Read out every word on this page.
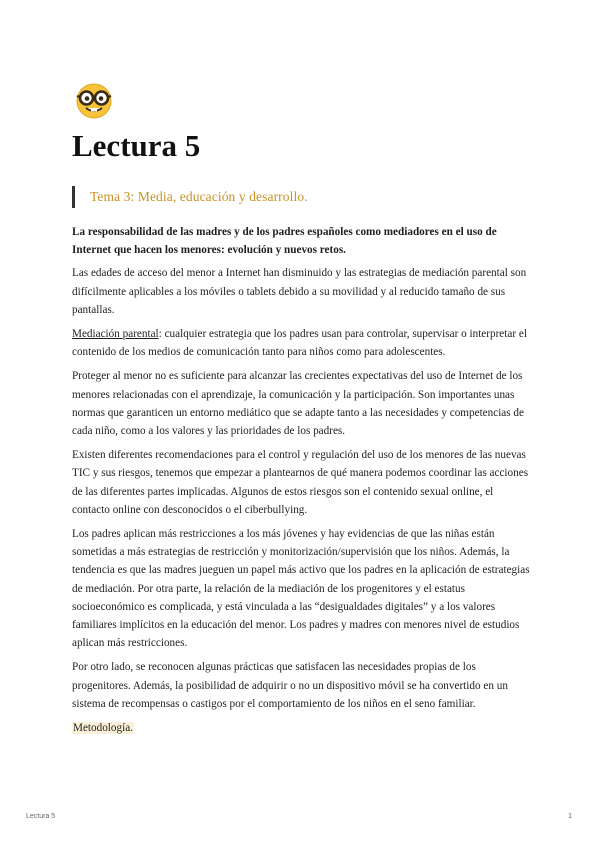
Lectura 5
Tema 3: Media, educación y desarrollo.

La responsabilidad de las madres y de los padres españoles como mediadores en el uso de Internet que hacen los menores: evolución y nuevos retos.

Las edades de acceso del menor a Internet han disminuido y las estrategias de mediación parental son difícilmente aplicables a los móviles o tablets debido a su movilidad y al reducido tamaño de sus pantallas.

Mediación parental: cualquier estrategia que los padres usan para controlar, supervisar o interpretar el contenido de los medios de comunicación tanto para niños como para adolescentes.

Proteger al menor no es suficiente para alcanzar las crecientes expectativas del uso de Internet de los menores relacionadas con el aprendizaje, la comunicación y la participación. Son importantes unas normas que garanticen un entorno mediático que se adapte tanto a las necesidades y competencias de cada niño, como a los valores y las prioridades de los padres.

Existen diferentes recomendaciones para el control y regulación del uso de los menores de las nuevas TIC y sus riesgos, tenemos que empezar a plantearnos de qué manera podemos coordinar las acciones de las diferentes partes implicadas. Algunos de estos riesgos son el contenido sexual online, el contacto online con desconocidos o el ciberbullying.

Los padres aplican más restricciones a los más jóvenes y hay evidencias de que las niñas están sometidas a más estrategias de restricción y monitorización/supervisión que los niños. Además, la tendencia es que las madres jueguen un papel más activo que los padres en la aplicación de estrategias de mediación. Por otra parte, la relación de la mediación de los progenitores y el estatus socioeconómico es complicada, y está vinculada a las “desigualdades digitales” y a los valores familiares implícitos en la educación del menor. Los padres y madres con menores nivel de estudios aplican más restricciones.

Por otro lado, se reconocen algunas prácticas que satisfacen las necesidades propias de los progenitores. Además, la posibilidad de adquirir o no un dispositivo móvil se ha convertido en un sistema de recompensas o castigos por el comportamiento de los niños en el seno familiar.

Metodología.

Lectura 5	1
